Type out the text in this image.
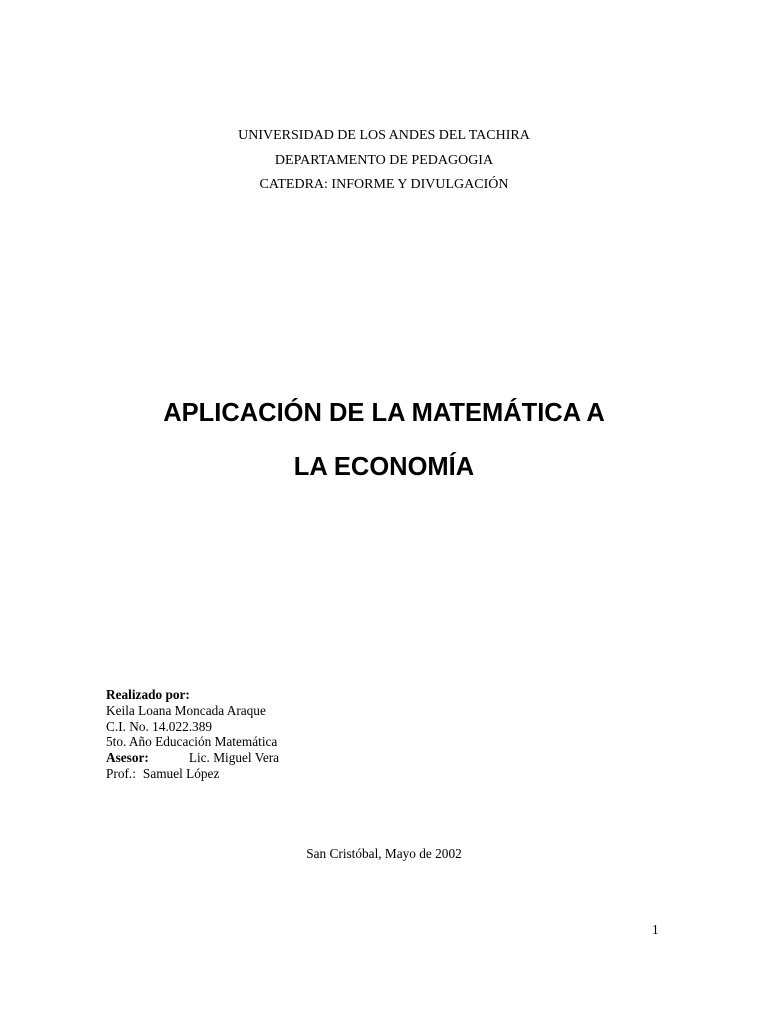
UNIVERSIDAD DE LOS ANDES DEL TACHIRA
DEPARTAMENTO DE PEDAGOGIA
CATEDRA: INFORME Y DIVULGACIÓN
APLICACIÓN DE LA MATEMÁTICA A
LA ECONOMÍA
Realizado por:
Keila Loana Moncada Araque
C.I. No. 14.022.389
5to. Año Educación Matemática
Asesor:	Lic. Miguel Vera
Prof.: Samuel López
San Cristóbal, Mayo de 2002
1
